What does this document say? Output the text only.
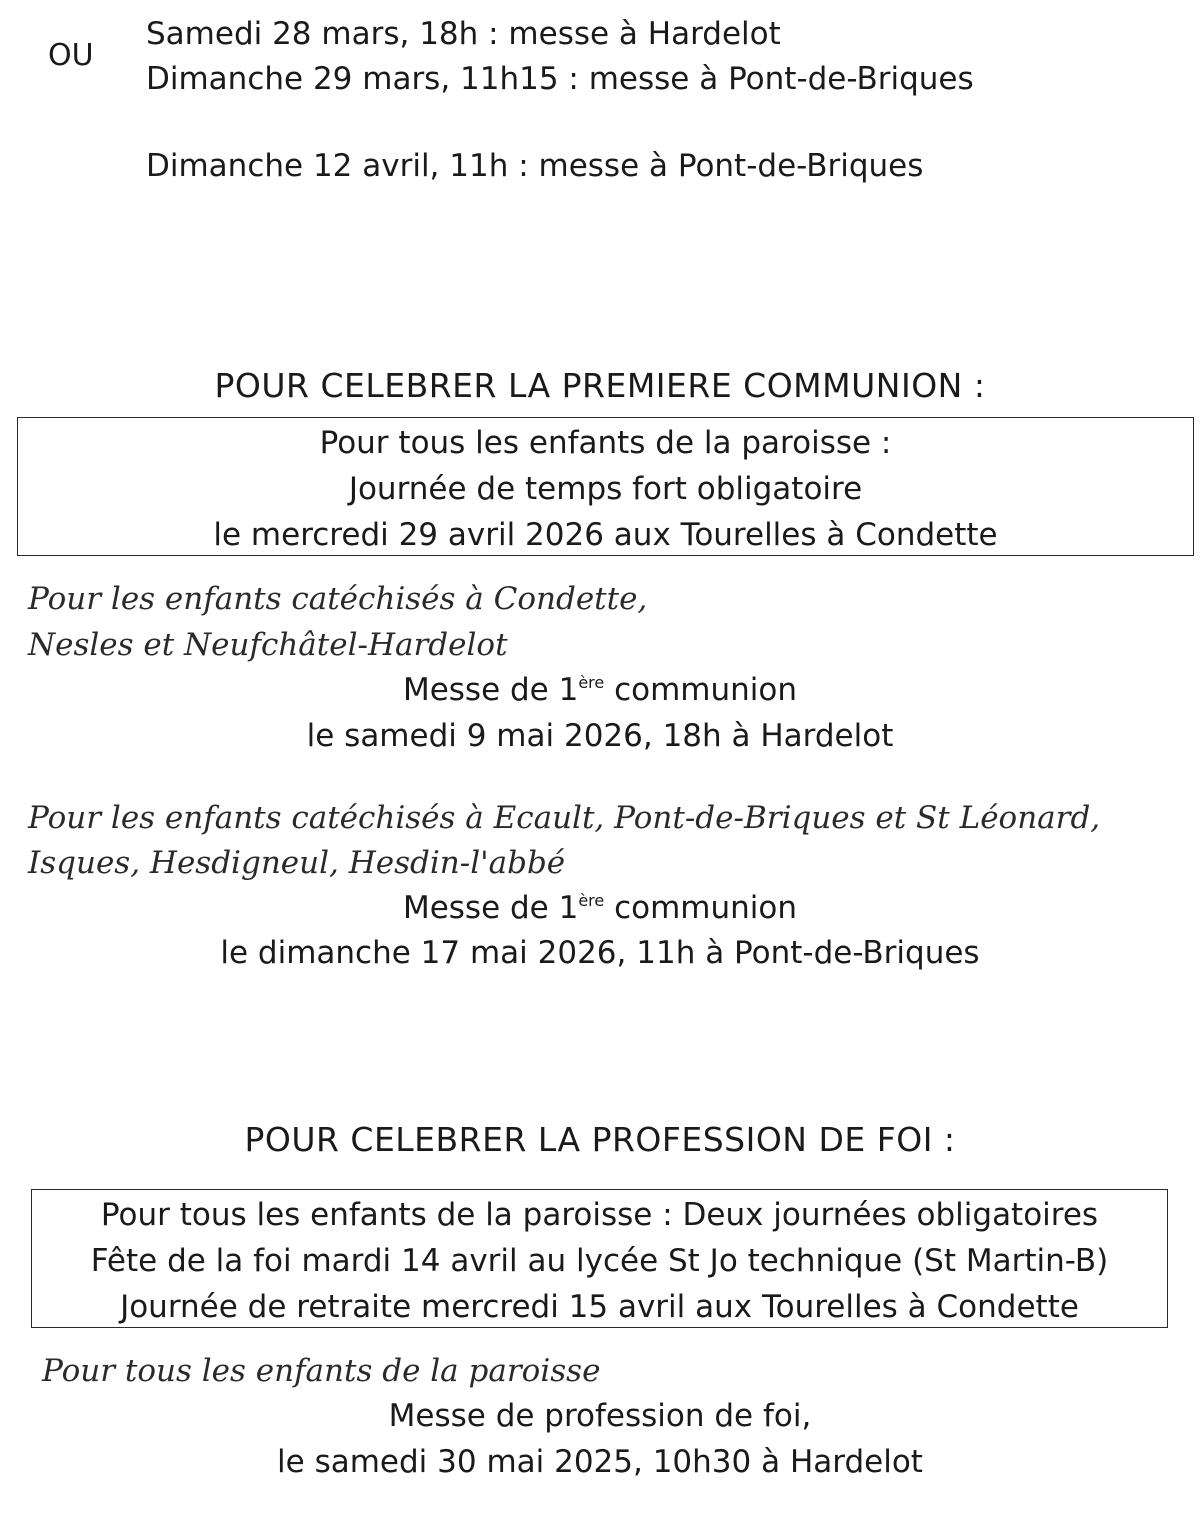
OU
Samedi 28 mars, 18h : messe à Hardelot
Dimanche 29 mars, 11h15 : messe à Pont-de-Briques
Dimanche 12 avril, 11h : messe à Pont-de-Briques
POUR CELEBRER LA PREMIERE COMMUNION :
Pour tous les enfants de la paroisse :
Journée de temps fort obligatoire
le mercredi 29 avril 2026 aux Tourelles à Condette
Pour les enfants catéchisés à Condette,
Nesles et Neufchâtel-Hardelot
Messe de 1ère communion
le samedi 9 mai 2026, 18h à Hardelot
Pour les enfants catéchisés à Ecault, Pont-de-Briques et St Léonard,
Isques, Hesdigneul, Hesdin-l'abbé
Messe de 1ère communion
le dimanche 17 mai 2026, 11h à Pont-de-Briques
POUR CELEBRER LA PROFESSION DE FOI :
Pour tous les enfants de la paroisse : Deux journées obligatoires
Fête de la foi mardi 14 avril au lycée St Jo technique (St Martin-B)
Journée de retraite mercredi 15 avril aux Tourelles à Condette
Pour tous les enfants de la paroisse
Messe de profession de foi,
le samedi 30 mai 2025, 10h30 à Hardelot
